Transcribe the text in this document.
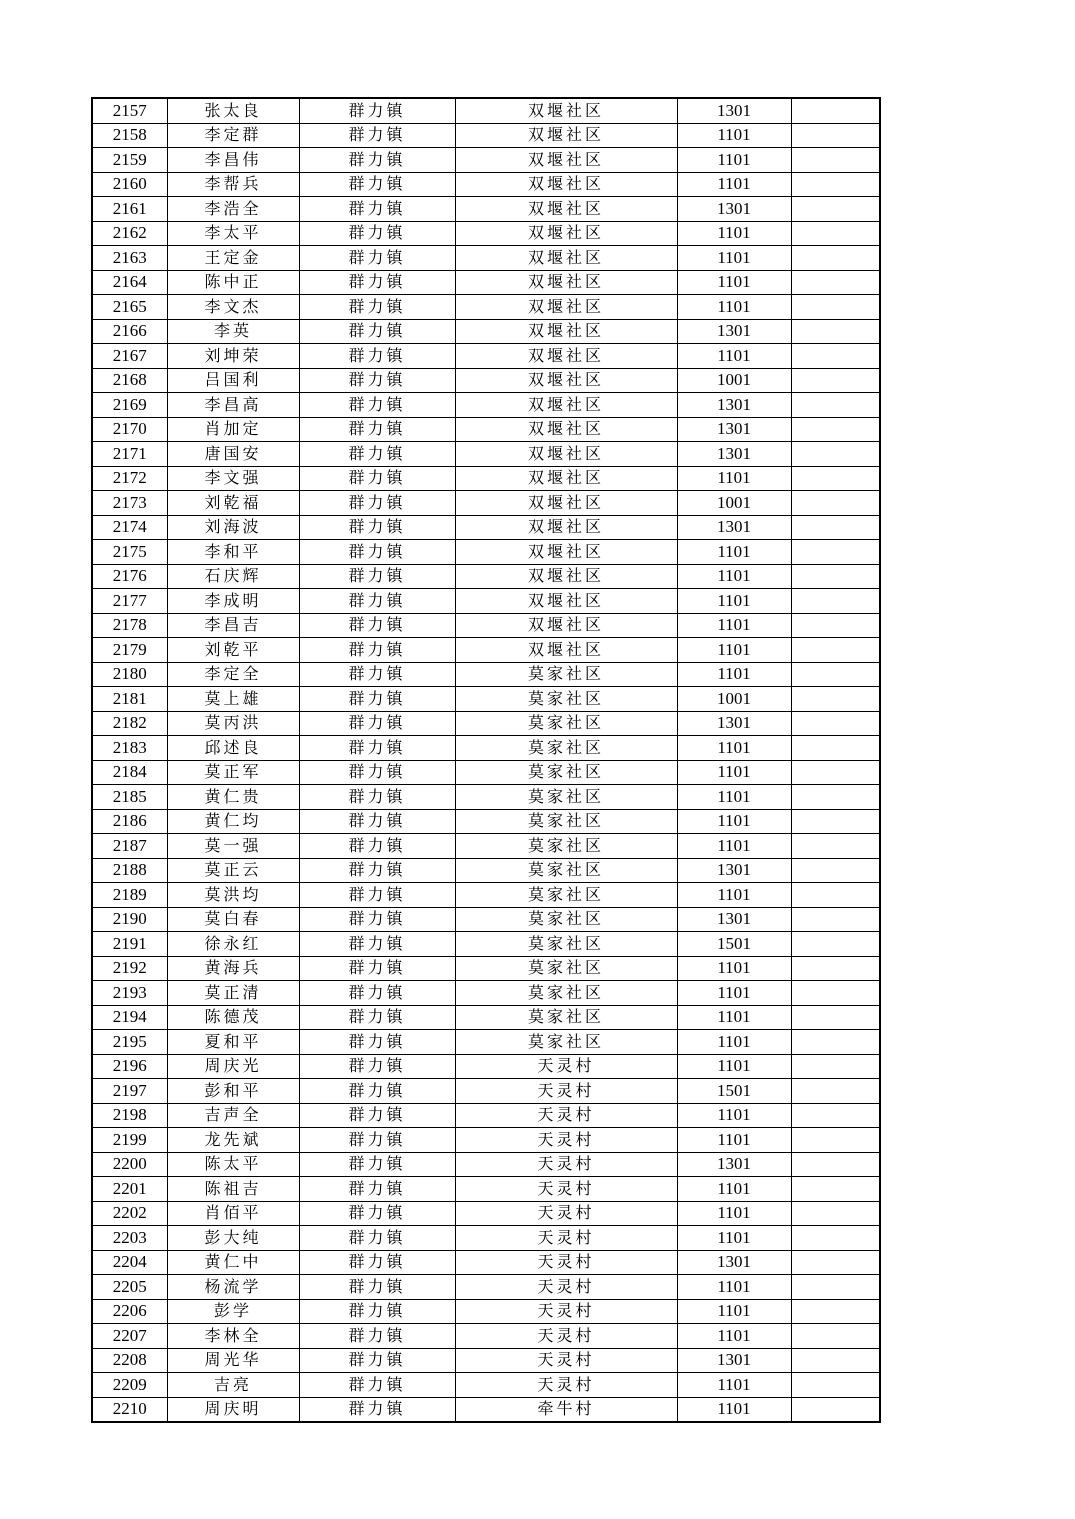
2157	张太良	群力镇	双堰社区	1301	
2158	李定群	群力镇	双堰社区	1101	
2159	李昌伟	群力镇	双堰社区	1101	
2160	李帮兵	群力镇	双堰社区	1101	
2161	李浩全	群力镇	双堰社区	1301	
2162	李太平	群力镇	双堰社区	1101	
2163	王定金	群力镇	双堰社区	1101	
2164	陈中正	群力镇	双堰社区	1101	
2165	李文杰	群力镇	双堰社区	1101	
2166	李英	群力镇	双堰社区	1301	
2167	刘坤荣	群力镇	双堰社区	1101	
2168	吕国利	群力镇	双堰社区	1001	
2169	李昌高	群力镇	双堰社区	1301	
2170	肖加定	群力镇	双堰社区	1301	
2171	唐国安	群力镇	双堰社区	1301	
2172	李文强	群力镇	双堰社区	1101	
2173	刘乾福	群力镇	双堰社区	1001	
2174	刘海波	群力镇	双堰社区	1301	
2175	李和平	群力镇	双堰社区	1101	
2176	石庆辉	群力镇	双堰社区	1101	
2177	李成明	群力镇	双堰社区	1101	
2178	李昌吉	群力镇	双堰社区	1101	
2179	刘乾平	群力镇	双堰社区	1101	
2180	李定全	群力镇	莫家社区	1101	
2181	莫上雄	群力镇	莫家社区	1001	
2182	莫丙洪	群力镇	莫家社区	1301	
2183	邱述良	群力镇	莫家社区	1101	
2184	莫正军	群力镇	莫家社区	1101	
2185	黄仁贵	群力镇	莫家社区	1101	
2186	黄仁均	群力镇	莫家社区	1101	
2187	莫一强	群力镇	莫家社区	1101	
2188	莫正云	群力镇	莫家社区	1301	
2189	莫洪均	群力镇	莫家社区	1101	
2190	莫白春	群力镇	莫家社区	1301	
2191	徐永红	群力镇	莫家社区	1501	
2192	黄海兵	群力镇	莫家社区	1101	
2193	莫正清	群力镇	莫家社区	1101	
2194	陈德茂	群力镇	莫家社区	1101	
2195	夏和平	群力镇	莫家社区	1101	
2196	周庆光	群力镇	天灵村	1101	
2197	彭和平	群力镇	天灵村	1501	
2198	吉声全	群力镇	天灵村	1101	
2199	龙先斌	群力镇	天灵村	1101	
2200	陈太平	群力镇	天灵村	1301	
2201	陈祖吉	群力镇	天灵村	1101	
2202	肖佰平	群力镇	天灵村	1101	
2203	彭大纯	群力镇	天灵村	1101	
2204	黄仁中	群力镇	天灵村	1301	
2205	杨流学	群力镇	天灵村	1101	
2206	彭学	群力镇	天灵村	1101	
2207	李林全	群力镇	天灵村	1101	
2208	周光华	群力镇	天灵村	1301	
2209	吉亮	群力镇	天灵村	1101	
2210	周庆明	群力镇	牵牛村	1101	
